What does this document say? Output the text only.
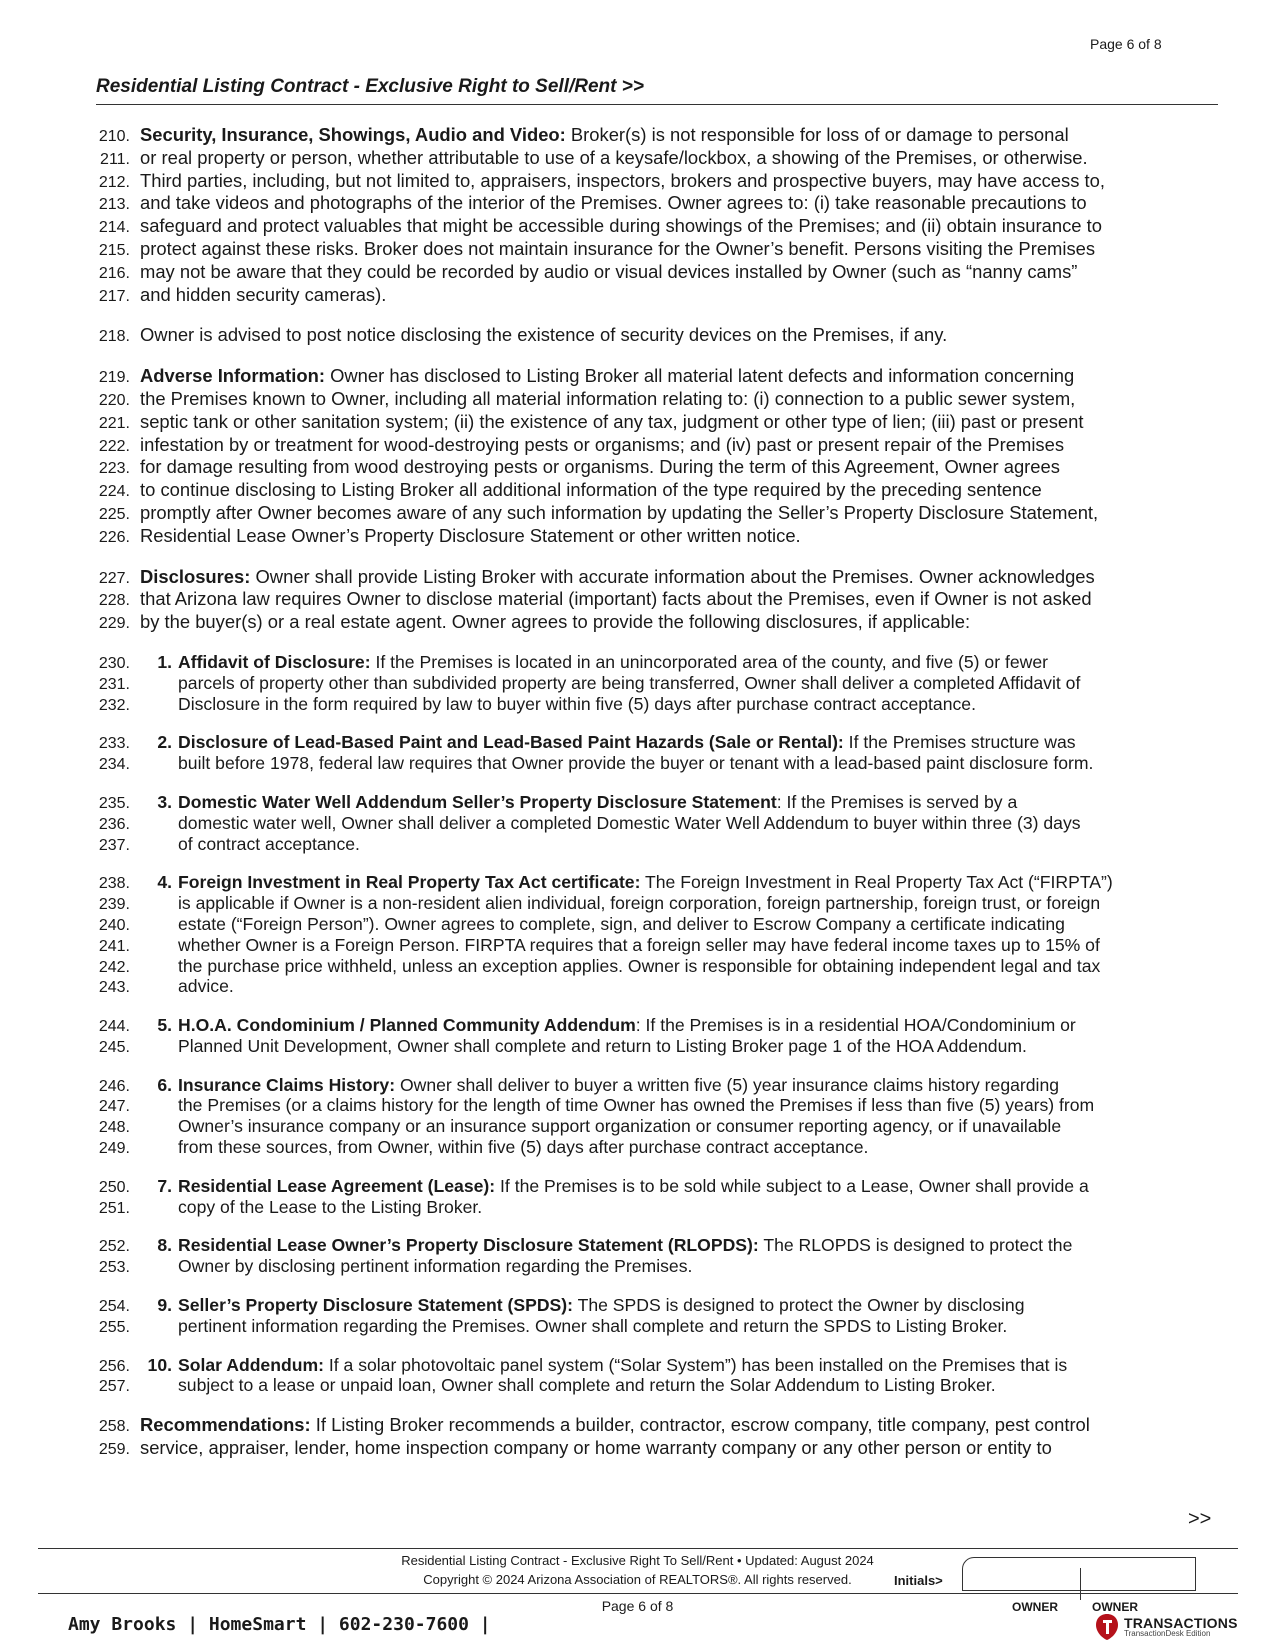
Page 6 of 8
Residential Listing Contract - Exclusive Right to Sell/Rent >>
210. Security, Insurance, Showings, Audio and Video: Broker(s) is not responsible for loss of or damage to personal
211. or real property or person, whether attributable to use of a keysafe/lockbox, a showing of the Premises, or otherwise.
212. Third parties, including, but not limited to, appraisers, inspectors, brokers and prospective buyers, may have access to,
213. and take videos and photographs of the interior of the Premises. Owner agrees to: (i) take reasonable precautions to
214. safeguard and protect valuables that might be accessible during showings of the Premises; and (ii) obtain insurance to
215. protect against these risks. Broker does not maintain insurance for the Owner’s benefit. Persons visiting the Premises
216. may not be aware that they could be recorded by audio or visual devices installed by Owner (such as “nanny cams”
217. and hidden security cameras).
218. Owner is advised to post notice disclosing the existence of security devices on the Premises, if any.
219. Adverse Information: Owner has disclosed to Listing Broker all material latent defects and information concerning
220. the Premises known to Owner, including all material information relating to: (i) connection to a public sewer system,
221. septic tank or other sanitation system; (ii) the existence of any tax, judgment or other type of lien; (iii) past or present
222. infestation by or treatment for wood-destroying pests or organisms; and (iv) past or present repair of the Premises
223. for damage resulting from wood destroying pests or organisms. During the term of this Agreement, Owner agrees
224. to continue disclosing to Listing Broker all additional information of the type required by the preceding sentence
225. promptly after Owner becomes aware of any such information by updating the Seller’s Property Disclosure Statement,
226. Residential Lease Owner’s Property Disclosure Statement or other written notice.
227. Disclosures: Owner shall provide Listing Broker with accurate information about the Premises. Owner acknowledges
228. that Arizona law requires Owner to disclose material (important) facts about the Premises, even if Owner is not asked
229. by the buyer(s) or a real estate agent. Owner agrees to provide the following disclosures, if applicable:
230.	1. Affidavit of Disclosure: If the Premises is located in an unincorporated area of the county, and five (5) or fewer
231.	parcels of property other than subdivided property are being transferred, Owner shall deliver a completed Affidavit of
232.	Disclosure in the form required by law to buyer within five (5) days after purchase contract acceptance.
233.	2. Disclosure of Lead-Based Paint and Lead-Based Paint Hazards (Sale or Rental): If the Premises structure was
234.	built before 1978, federal law requires that Owner provide the buyer or tenant with a lead-based paint disclosure form.
235.	3. Domestic Water Well Addendum Seller’s Property Disclosure Statement: If the Premises is served by a
236.	domestic water well, Owner shall deliver a completed Domestic Water Well Addendum to buyer within three (3) days
237.	of contract acceptance.
238.	4. Foreign Investment in Real Property Tax Act certificate: The Foreign Investment in Real Property Tax Act (“FIRPTA”)
239.	is applicable if Owner is a non-resident alien individual, foreign corporation, foreign partnership, foreign trust, or foreign
240.	estate (“Foreign Person”). Owner agrees to complete, sign, and deliver to Escrow Company a certificate indicating
241.	whether Owner is a Foreign Person. FIRPTA requires that a foreign seller may have federal income taxes up to 15% of
242.	the purchase price withheld, unless an exception applies. Owner is responsible for obtaining independent legal and tax
243.	advice.
244.	5. H.O.A. Condominium / Planned Community Addendum: If the Premises is in a residential HOA/Condominium or
245.	Planned Unit Development, Owner shall complete and return to Listing Broker page 1 of the HOA Addendum.
246.	6. Insurance Claims History: Owner shall deliver to buyer a written five (5) year insurance claims history regarding
247.	the Premises (or a claims history for the length of time Owner has owned the Premises if less than five (5) years) from
248.	Owner’s insurance company or an insurance support organization or consumer reporting agency, or if unavailable
249.	from these sources, from Owner, within five (5) days after purchase contract acceptance.
250.	7. Residential Lease Agreement (Lease): If the Premises is to be sold while subject to a Lease, Owner shall provide a
251.	copy of the Lease to the Listing Broker.
252.	8. Residential Lease Owner’s Property Disclosure Statement (RLOPDS): The RLOPDS is designed to protect the
253.	Owner by disclosing pertinent information regarding the Premises.
254.	9. Seller’s Property Disclosure Statement (SPDS): The SPDS is designed to protect the Owner by disclosing
255.	pertinent information regarding the Premises. Owner shall complete and return the SPDS to Listing Broker.
256. 10. Solar Addendum: If a solar photovoltaic panel system (“Solar System”) has been installed on the Premises that is
257.	subject to a lease or unpaid loan, Owner shall complete and return the Solar Addendum to Listing Broker.
258. Recommendations: If Listing Broker recommends a builder, contractor, escrow company, title company, pest control
259. service, appraiser, lender, home inspection company or home warranty company or any other person or entity to
>>
Residential Listing Contract - Exclusive Right To Sell/Rent • Updated: August 2024
Copyright © 2024 Arizona Association of REALTORS®. All rights reserved.	Initials>
Page 6 of 8	OWNER	OWNER
Amy Brooks | HomeSmart | 602-230-7600 |	TRANSACTIONS
TransactionDesk Edition
